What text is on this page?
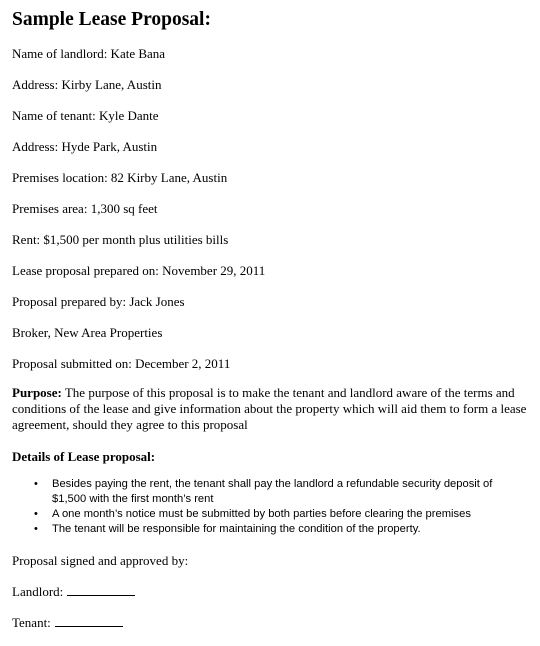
Sample Lease Proposal:
Name of landlord: Kate Bana
Address: Kirby Lane, Austin
Name of tenant: Kyle Dante
Address: Hyde Park, Austin
Premises location: 82 Kirby Lane, Austin
Premises area: 1,300 sq feet
Rent: $1,500 per month plus utilities bills
Lease proposal prepared on: November 29, 2011
Proposal prepared by: Jack Jones
Broker, New Area Properties
Proposal submitted on: December 2, 2011
Purpose: The purpose of this proposal is to make the tenant and landlord aware of the terms and conditions of the lease and give information about the property which will aid them to form a lease agreement, should they agree to this proposal
Details of Lease proposal:
• Besides paying the rent, the tenant shall pay the landlord a refundable security deposit of $1,500 with the first month’s rent
• A one month’s notice must be submitted by both parties before clearing the premises
• The tenant will be responsible for maintaining the condition of the property.
Proposal signed and approved by:
Landlord:
Tenant:
